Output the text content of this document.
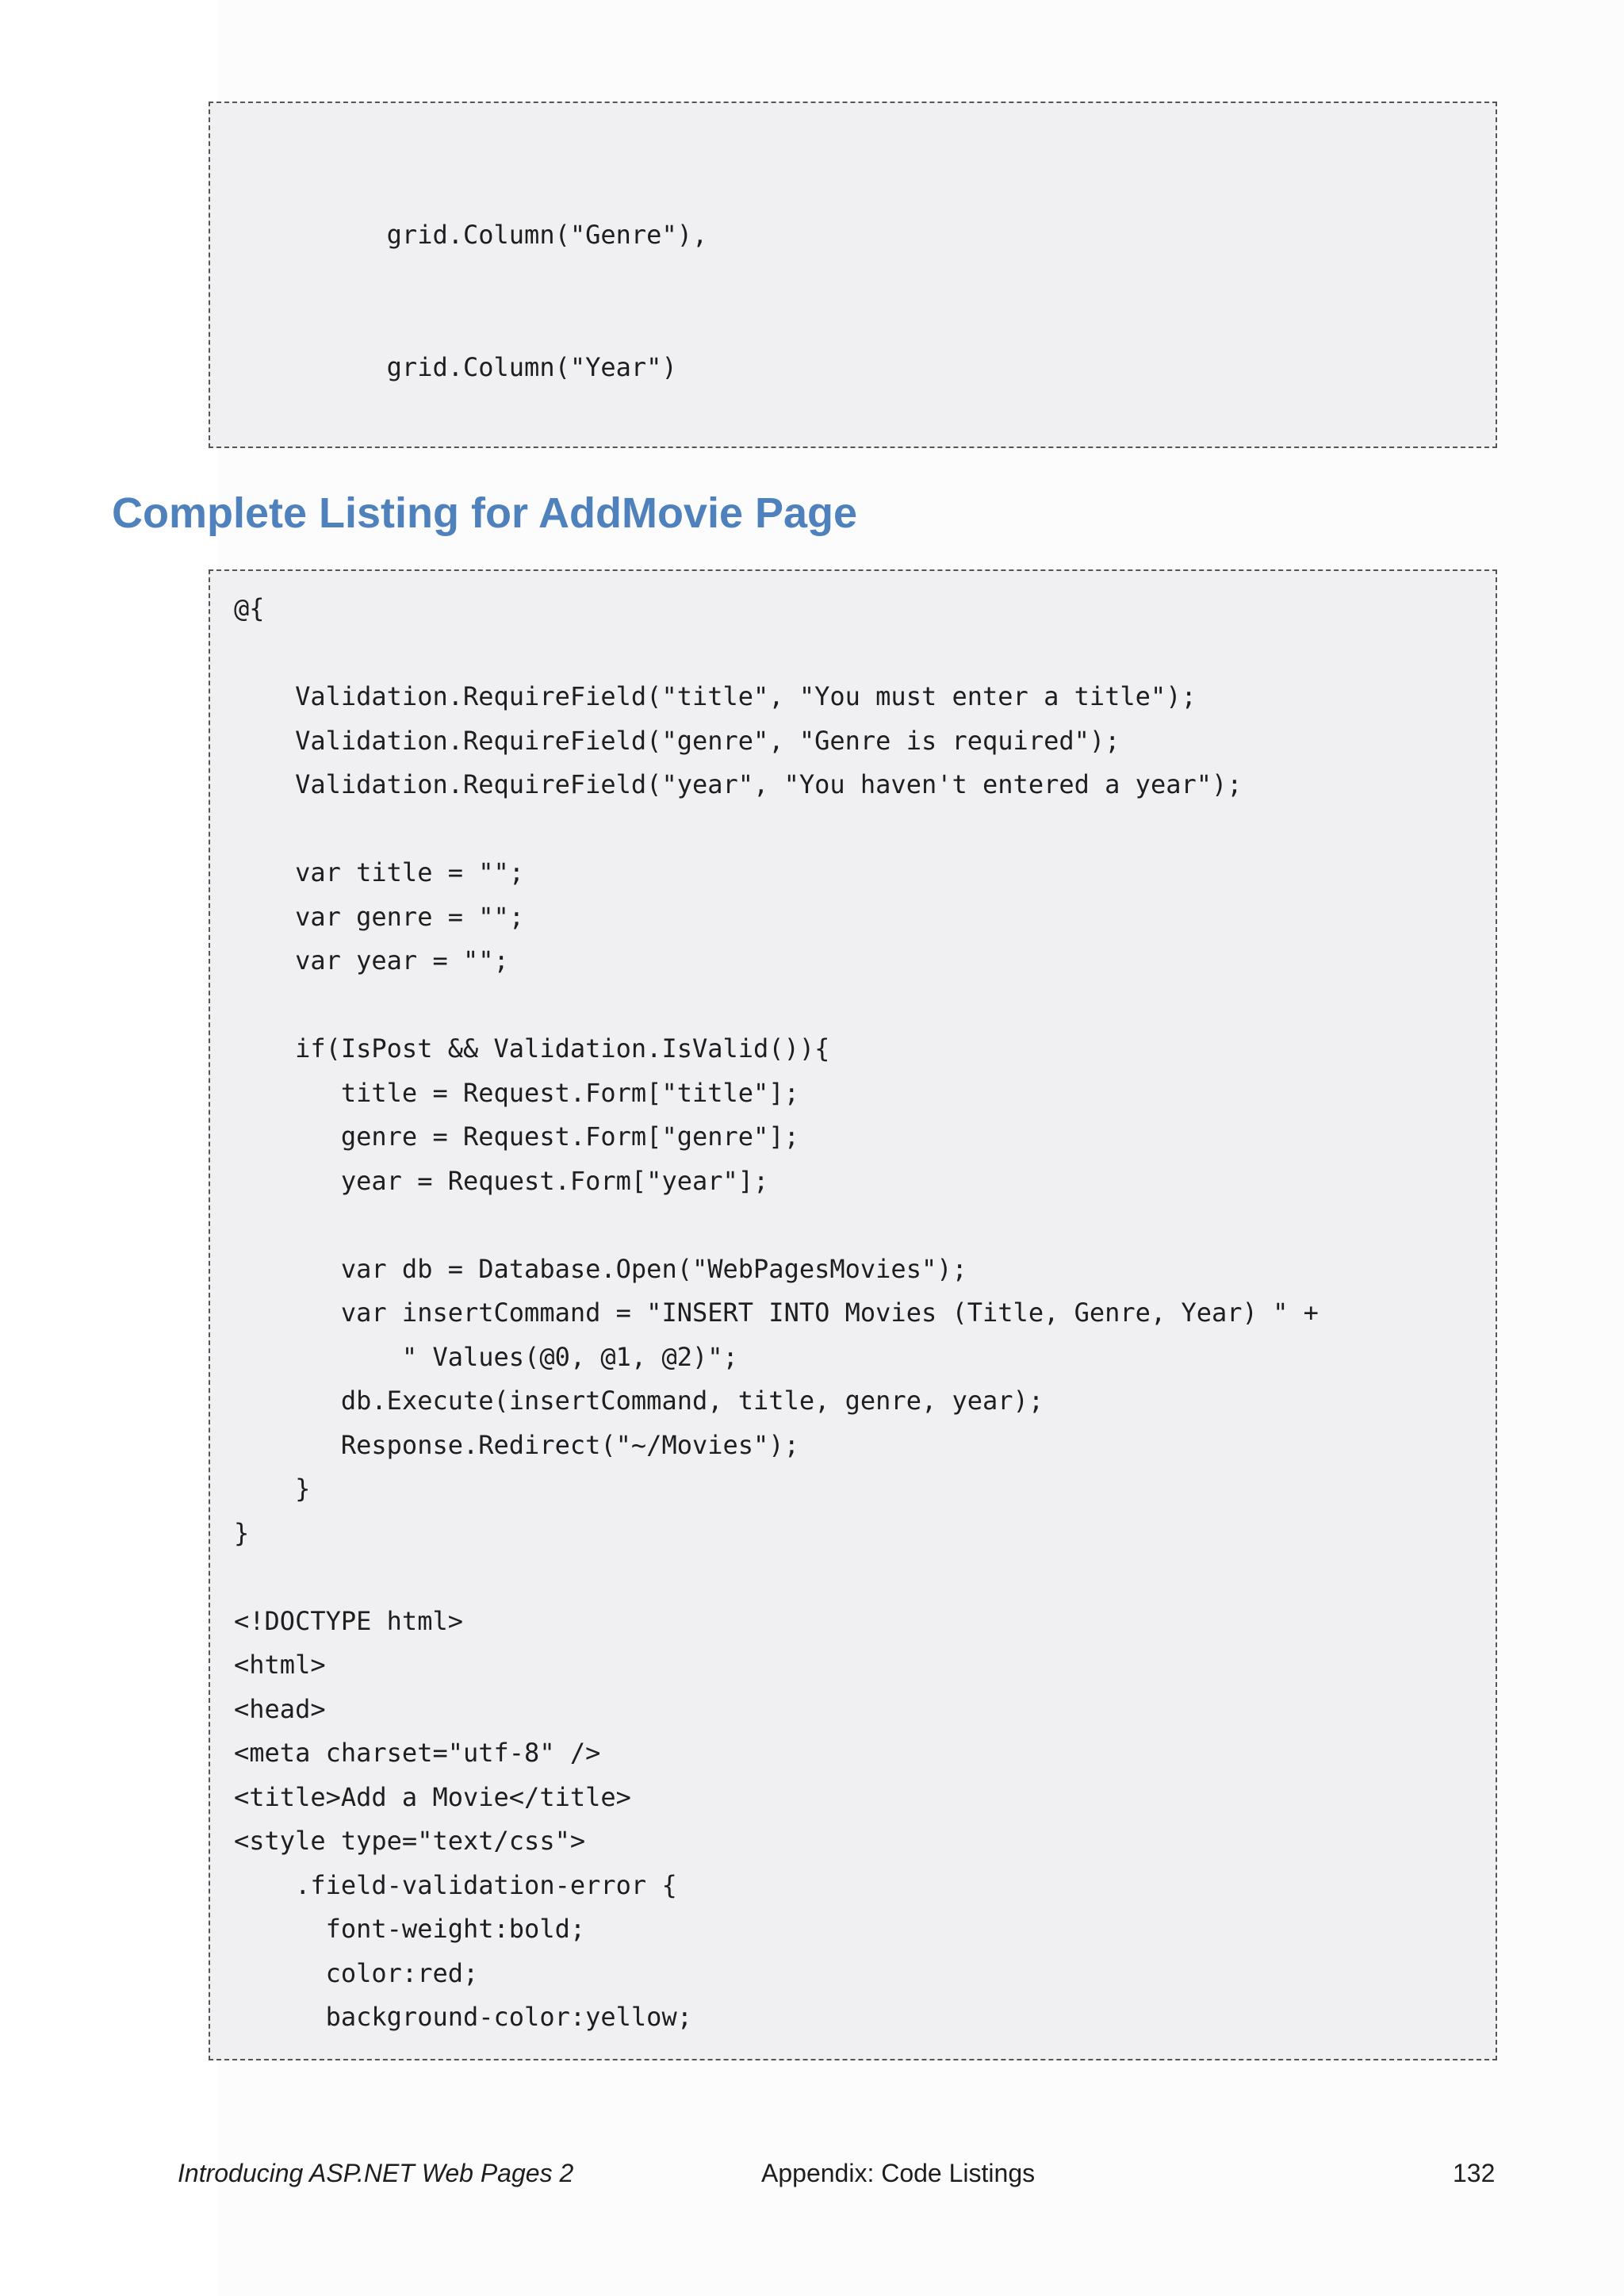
grid.Column("Genre"),

grid.Column("Year")

Complete Listing for AddMovie Page

@{
Validation.RequireField("title", "You must enter a title");
Validation.RequireField("genre", "Genre is required");
Validation.RequireField("year", "You haven't entered a year");
var title = "";
var genre = "";
var year = "";
if(IsPost && Validation.IsValid()){
title = Request.Form["title"];
genre = Request.Form["genre"];
year = Request.Form["year"];
var db = Database.Open("WebPagesMovies");
var insertCommand = "INSERT INTO Movies (Title, Genre, Year) " +
" Values(@0, @1, @2)";
db.Execute(insertCommand, title, genre, year);
Response.Redirect("~/Movies");
}
}
<!DOCTYPE html>
<html>
<head>
<meta charset="utf-8" />
<title>Add a Movie</title>
<style type="text/css">
.field-validation-error {
font-weight:bold;
color:red;
background-color:yellow;

Introducing ASP.NET Web Pages 2	Appendix: Code Listings	132
